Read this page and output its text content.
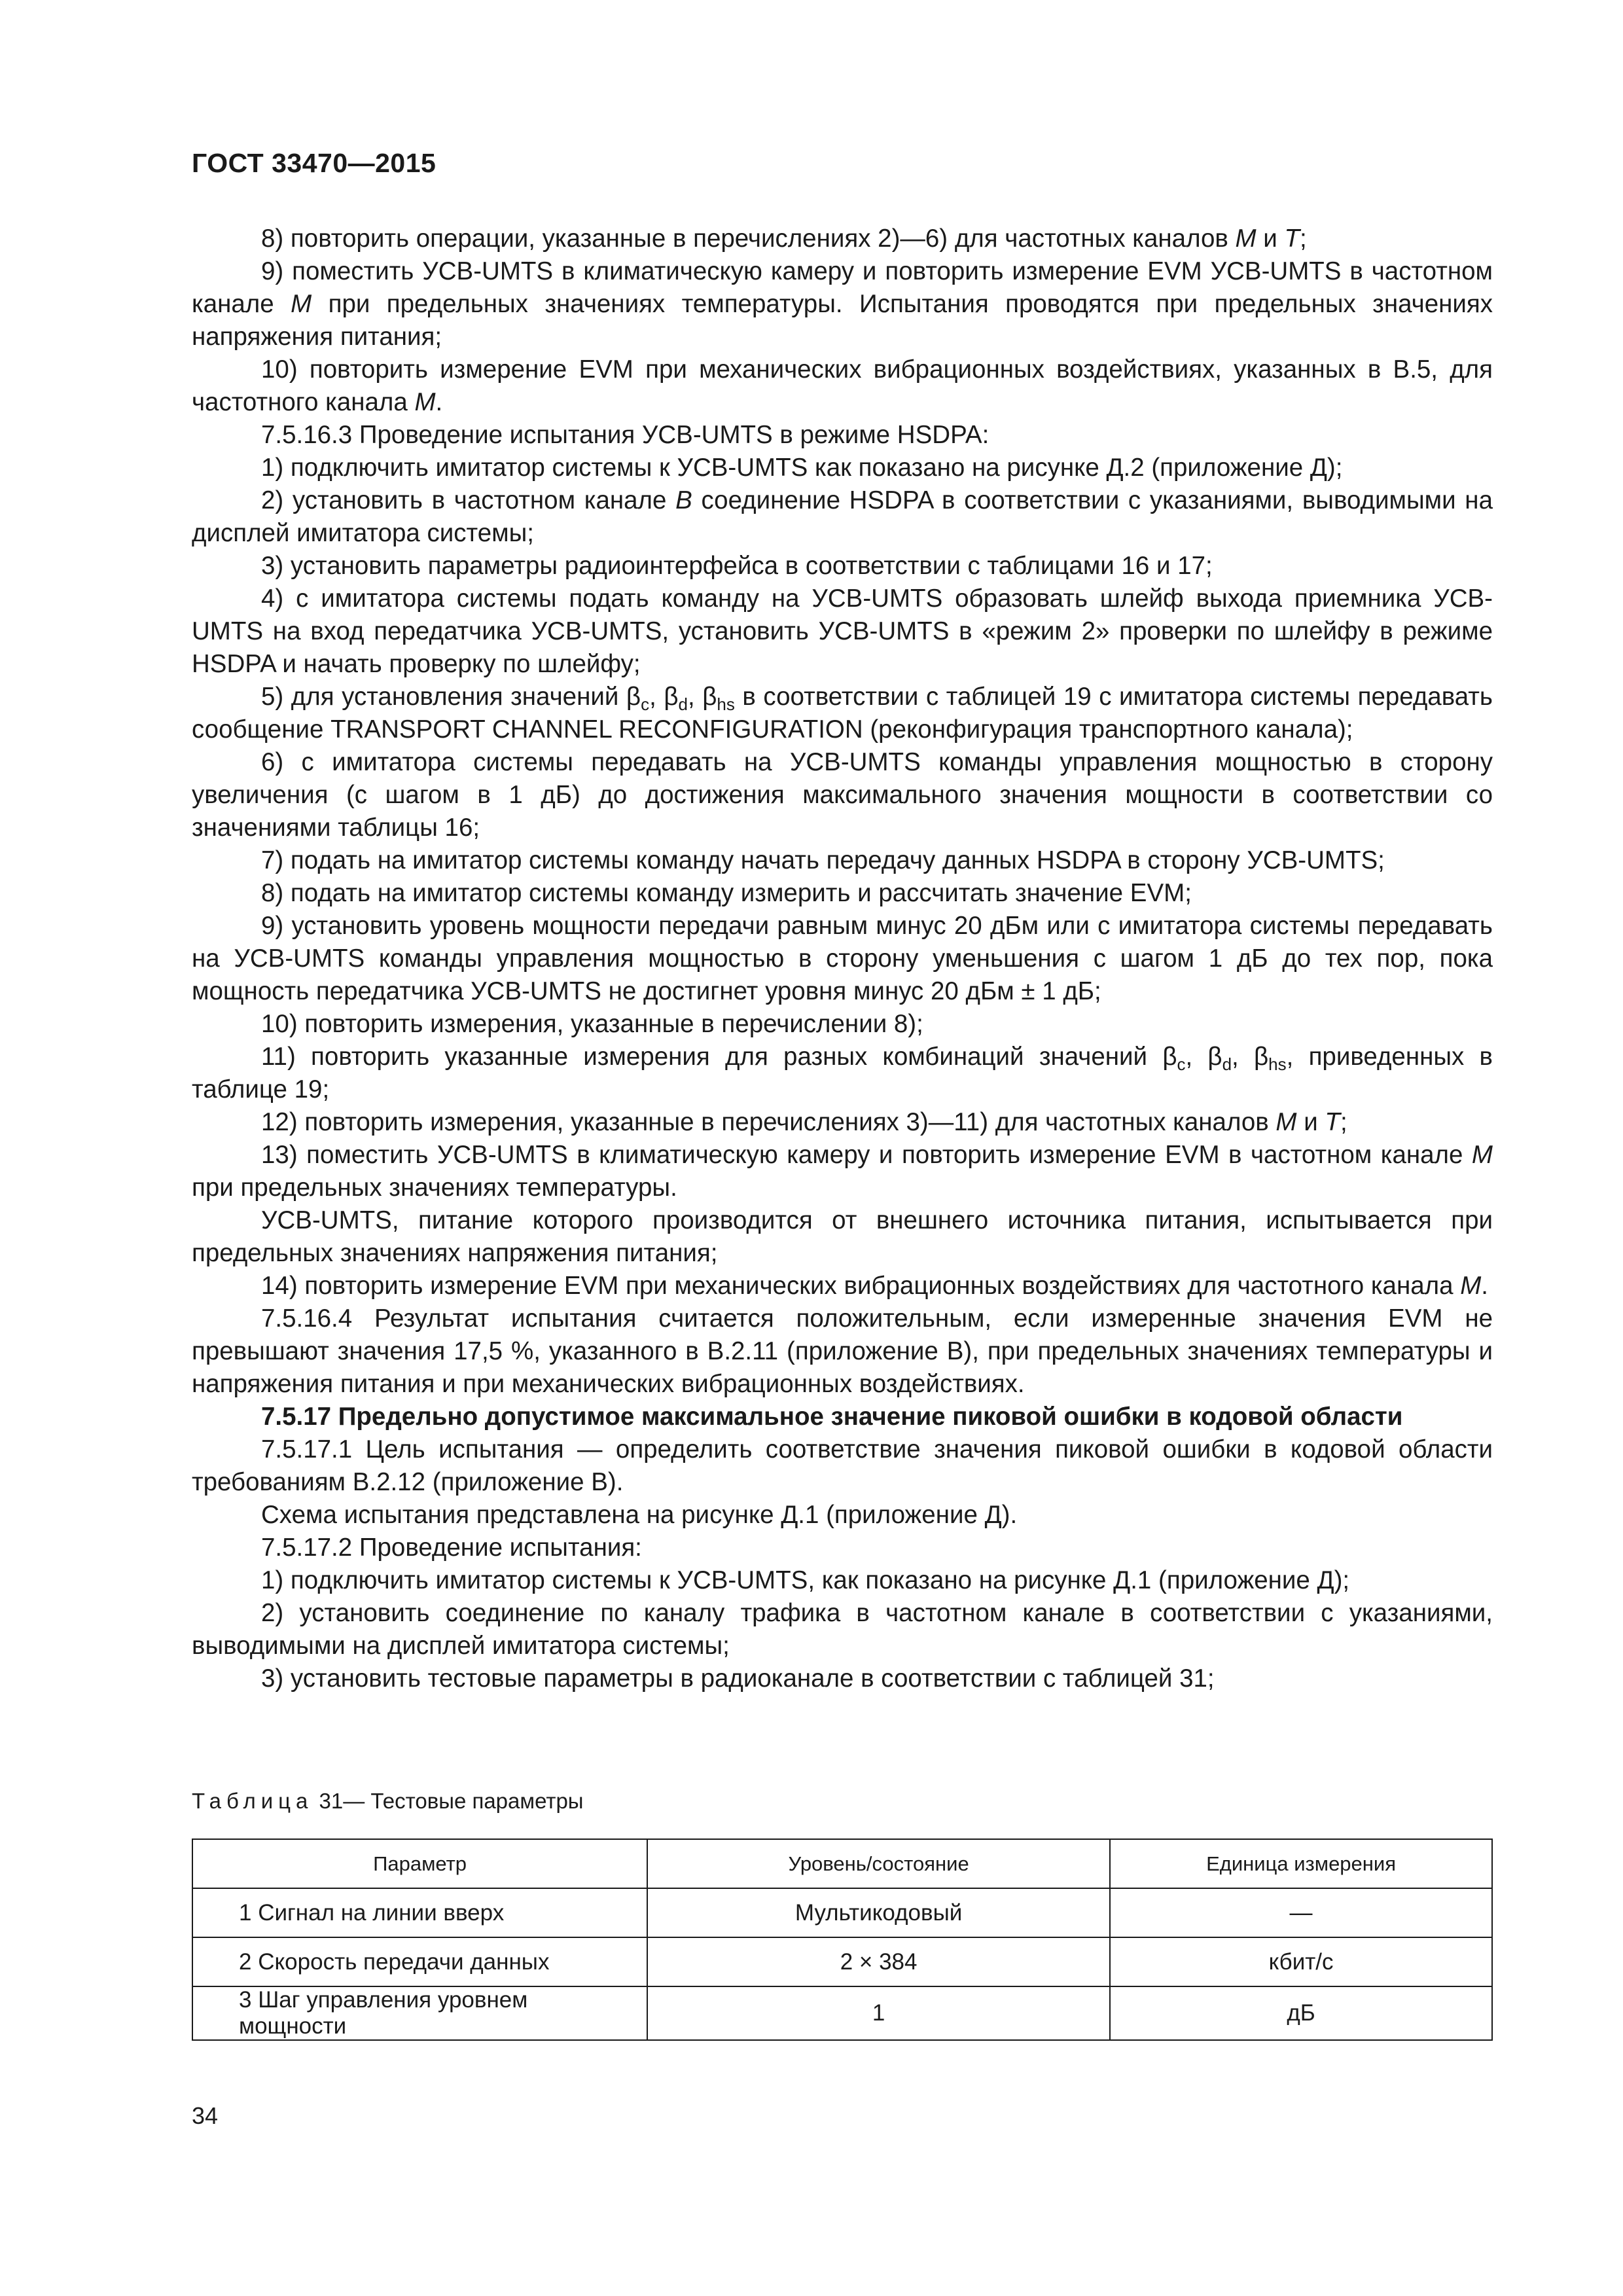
ГОСТ 33470—2015

8) повторить операции, указанные в перечислениях 2)—6) для частотных каналов М и Т;

9) поместить УСВ-UMTS в климатическую камеру и повторить измерение EVM УСВ-UMTS в частотном канале М при предельных значениях температуры. Испытания проводятся при предельных значениях напряжения питания;

10) повторить измерение EVM при механических вибрационных воздействиях, указанных в В.5, для частотного канала М.

7.5.16.3 Проведение испытания УСВ-UMTS в режиме HSDPA:

1) подключить имитатор системы к УСВ-UMTS как показано на рисунке Д.2 (приложение Д);

2) установить в частотном канале В соединение HSDPA в соответствии с указаниями, выводимыми на дисплей имитатора системы;

3) установить параметры радиоинтерфейса в соответствии с таблицами 16 и 17;

4) с имитатора системы подать команду на УСВ-UMTS образовать шлейф выхода приемника УСВ-UMTS на вход передатчика УСВ-UMTS, установить УСВ-UMTS в «режим 2» проверки по шлейфу в режиме HSDPA и начать проверку по шлейфу;

5) для установления значений $\beta_c$, $\beta_d$, $\beta_{hs}$ в соответствии с таблицей 19 с имитатора системы передавать сообщение TRANSPORT CHANNEL RECONFIGURATION (реконфигурация транспортного канала);

6) с имитатора системы передавать на УСВ-UMTS команды управления мощностью в сторону увеличения (с шагом в 1 дБ) до достижения максимального значения мощности в соответствии со значениями таблицы 16;

7) подать на имитатор системы команду начать передачу данных HSDPA в сторону УСВ-UMTS;

8) подать на имитатор системы команду измерить и рассчитать значение EVM;

9) установить уровень мощности передачи равным минус 20 дБм или с имитатора системы передавать на УСВ-UMTS команды управления мощностью в сторону уменьшения с шагом 1 дБ до тех пор, пока мощность передатчика УСВ-UMTS не достигнет уровня минус 20 дБм ± 1 дБ;

10) повторить измерения, указанные в перечислении 8);

11) повторить указанные измерения для разных комбинаций значений $\beta_c$, $\beta_d$, $\beta_{hs}$, приведенных в таблице 19;

12) повторить измерения, указанные в перечислениях 3)—11) для частотных каналов М и Т;

13) поместить УСВ-UMTS в климатическую камеру и повторить измерение EVM в частотном канале М при предельных значениях температуры.

УСВ-UMTS, питание которого производится от внешнего источника питания, испытывается при предельных значениях напряжения питания;

14) повторить измерение EVM при механических вибрационных воздействиях для частотного канала М.

7.5.16.4 Результат испытания считается положительным, если измеренные значения EVM не превышают значения 17,5 %, указанного в В.2.11 (приложение В), при предельных значениях температуры и напряжения питания и при механических вибрационных воздействиях.

7.5.17 Предельно допустимое максимальное значение пиковой ошибки в кодовой области

7.5.17.1 Цель испытания — определить соответствие значения пиковой ошибки в кодовой области требованиям В.2.12 (приложение В).

Схема испытания представлена на рисунке Д.1 (приложение Д).

7.5.17.2 Проведение испытания:

1) подключить имитатор системы к УСВ-UMTS, как показано на рисунке Д.1 (приложение Д);

2) установить соединение по каналу трафика в частотном канале в соответствии с указаниями, выводимыми на дисплей имитатора системы;

3) установить тестовые параметры в радиоканале в соответствии с таблицей 31;

Таблица 31— Тестовые параметры
Параметр	Уровень/состояние	Единица измерения
1 Сигнал на линии вверх	Мультикодовый	—
2 Скорость передачи данных	2 × 384	кбит/с
3 Шаг управления уровнем мощности	1	дБ
34
